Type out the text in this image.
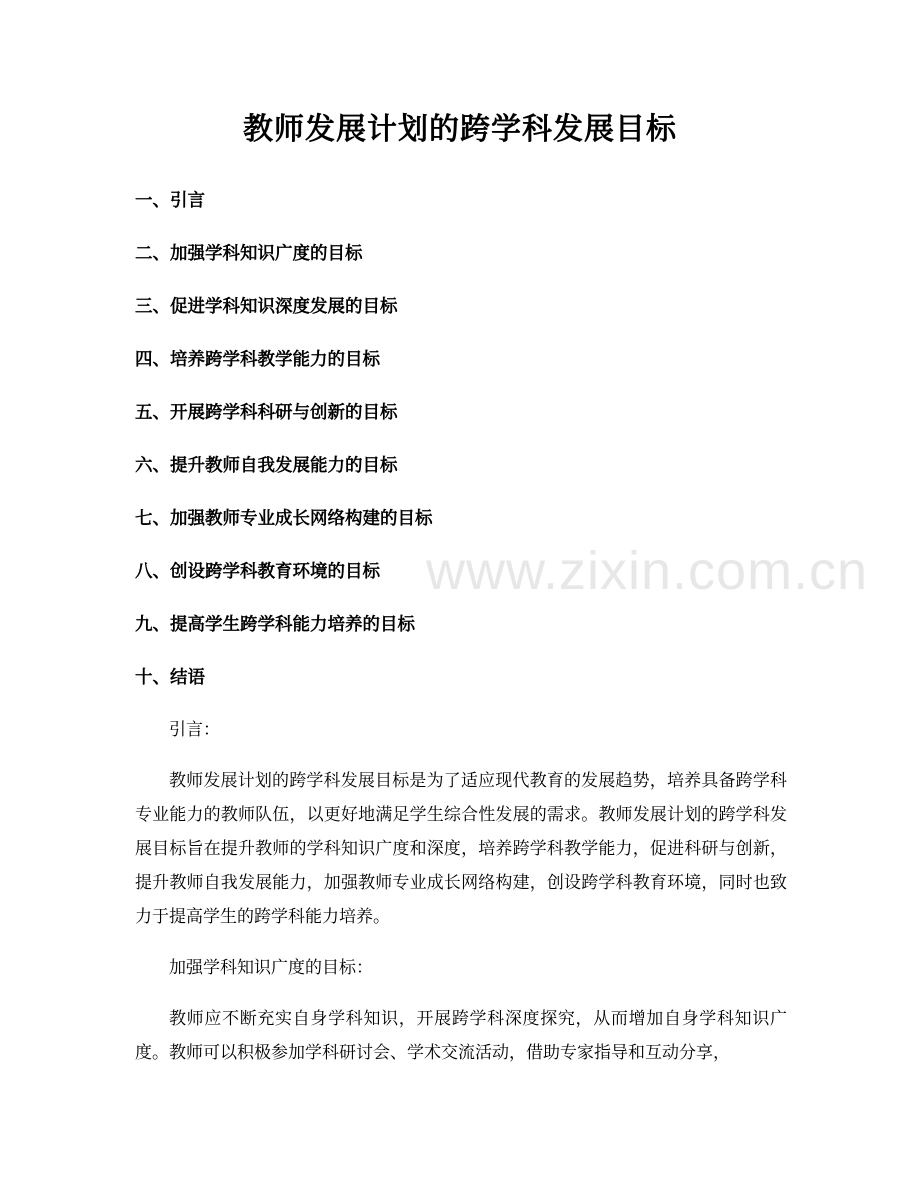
教师发展计划的跨学科发展目标
一、引言
二、加强学科知识广度的目标
三、促进学科知识深度发展的目标
四、培养跨学科教学能力的目标
五、开展跨学科科研与创新的目标
六、提升教师自我发展能力的目标
七、加强教师专业成长网络构建的目标
八、创设跨学科教育环境的目标
九、提高学生跨学科能力培养的目标
十、结语

引言：

教师发展计划的跨学科发展目标是为了适应现代教育的发展趋势，培养具备跨学科专业能力的教师队伍，以更好地满足学生综合性发展的需求。教师发展计划的跨学科发展目标旨在提升教师的学科知识广度和深度，培养跨学科教学能力，促进科研与创新，提升教师自我发展能力，加强教师专业成长网络构建，创设跨学科教育环境，同时也致力于提高学生的跨学科能力培养。

加强学科知识广度的目标：

教师应不断充实自身学科知识，开展跨学科深度探究，从而增加自身学科知识广度。教师可以积极参加学科研讨会、学术交流活动，借助专家指导和互动分享，

www.zixin.com.cn
